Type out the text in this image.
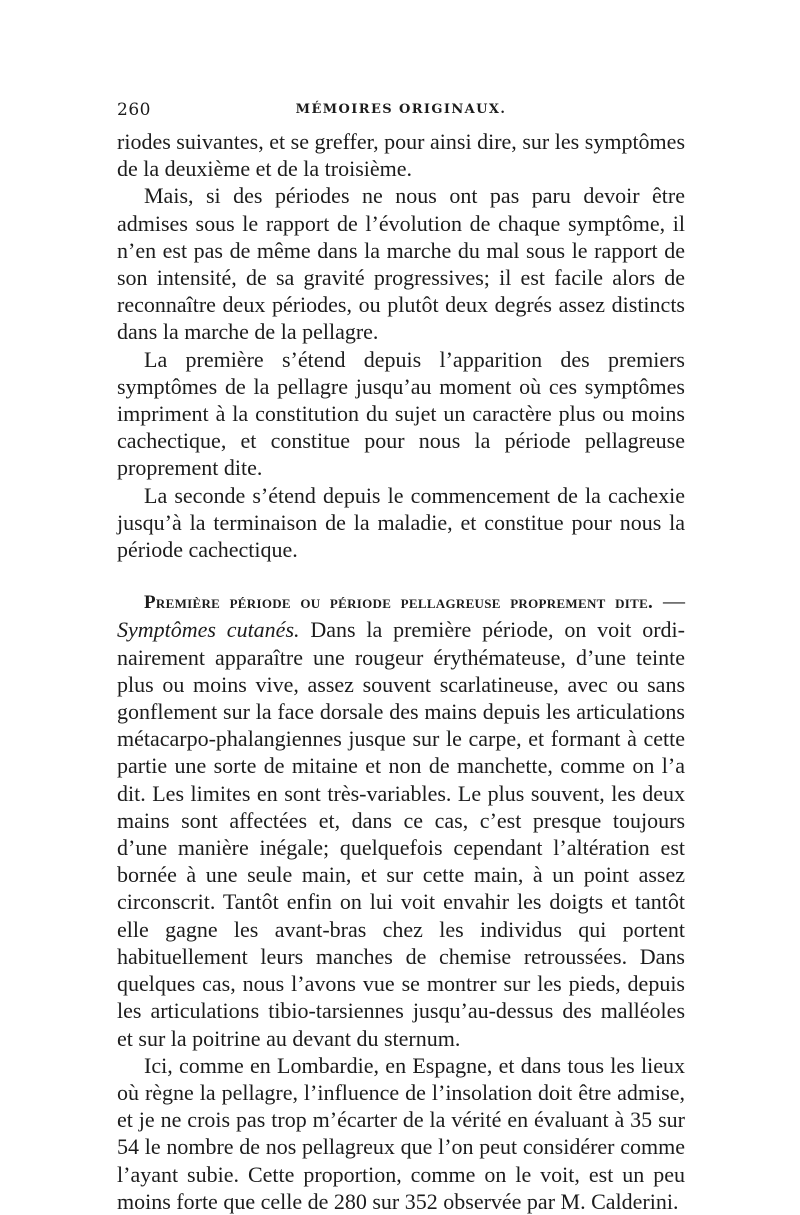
260	MÉMOIRES ORIGINAUX.

riodes suivantes, et se greffer, pour ainsi dire, sur les symptômes de la deuxième et de la troisième.

Mais, si des périodes ne nous ont pas paru devoir être admises sous le rapport de l’évolution de chaque symptôme, il n’en est pas de même dans la marche du mal sous le rapport de son intensité, de sa gravité progressives; il est facile alors de reconnaître deux périodes, ou plutôt deux degrés assez distincts dans la marche de la pellagre.

La première s’étend depuis l’apparition des premiers symptômes de la pellagre jusqu’au moment où ces symptômes impriment à la constitution du sujet un caractère plus ou moins cachectique, et constitue pour nous la période pellagreuse proprement dite.

La seconde s’étend depuis le commencement de la cachexie jusqu’à la terminaison de la maladie, et constitue pour nous la période cachectique.

Première période ou période pellagreuse proprement dite. — Symptômes cutanés. Dans la première période, on voit ordinairement apparaître une rougeur érythémateuse, d’une teinte plus ou moins vive, assez souvent scarlatineuse, avec ou sans gonflement sur la face dorsale des mains depuis les articulations métacarpo-phalangiennes jusque sur le carpe, et formant à cette partie une sorte de mitaine et non de manchette, comme on l’a dit. Les limites en sont très-variables. Le plus souvent, les deux mains sont affectées et, dans ce cas, c’est presque toujours d’une manière inégale; quelquefois cependant l’altération est bornée à une seule main, et sur cette main, à un point assez circonscrit. Tantôt enfin on lui voit envahir les doigts et tantôt elle gagne les avant-bras chez les individus qui portent habituellement leurs manches de chemise retroussées. Dans quelques cas, nous l’avons vue se montrer sur les pieds, depuis les articulations tibio-tarsiennes jusqu’au-dessus des malléoles et sur la poitrine au devant du sternum.

Ici, comme en Lombardie, en Espagne, et dans tous les lieux où règne la pellagre, l’influence de l’insolation doit être admise, et je ne crois pas trop m’écarter de la vérité en évaluant à 35 sur 54 le nombre de nos pellagreux que l’on peut considérer comme l’ayant subie. Cette proportion, comme on le voit, est un peu moins forte que celle de 280 sur 352 observée par M. Calderini.
